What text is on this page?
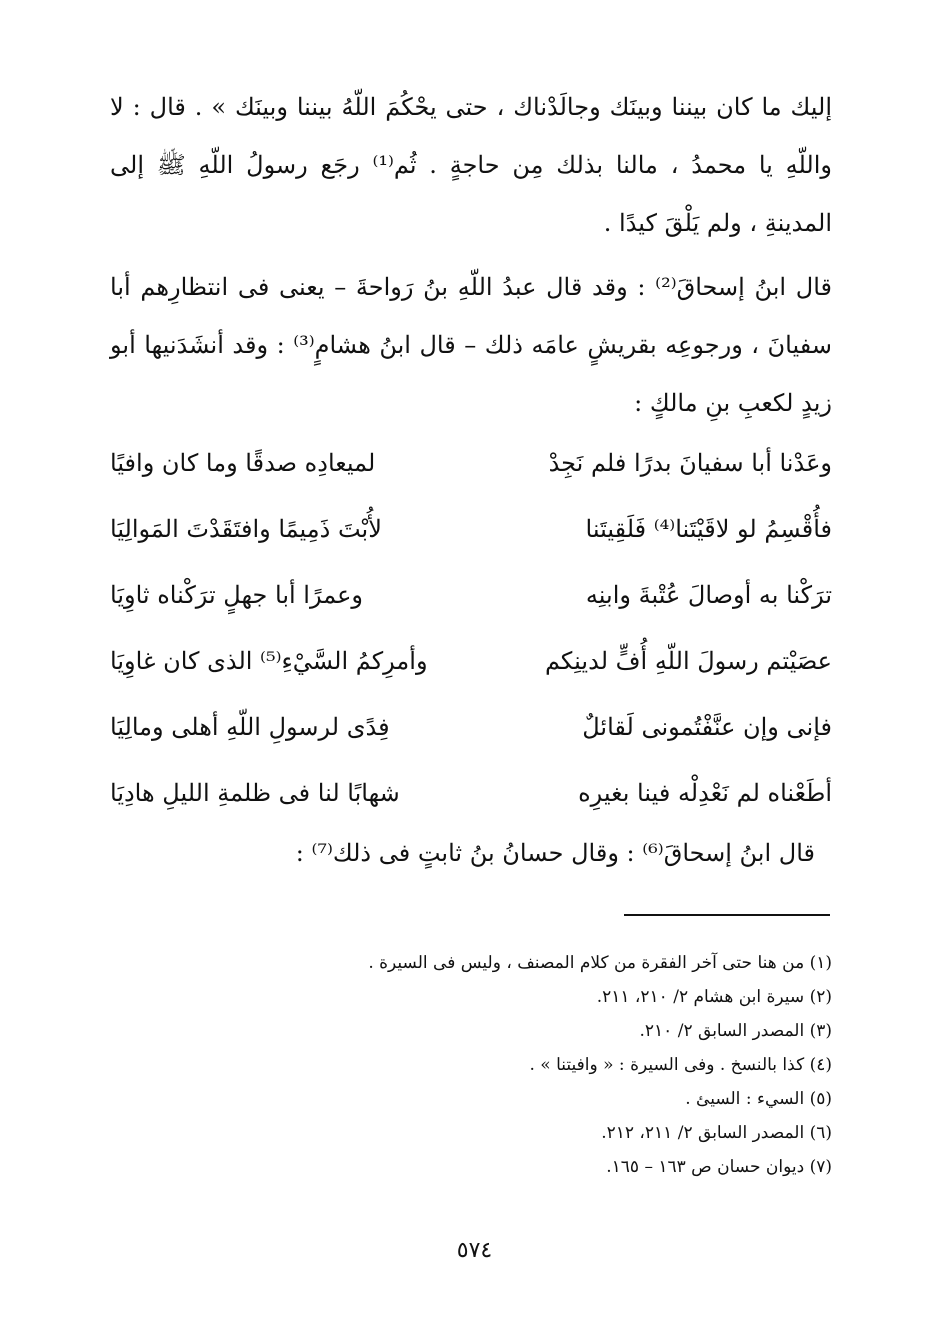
إليك ما كان بيننا وبينَك وجالَدْناك ، حتى يحْكُمَ اللّهُ بيننا وبينَك » . قال : لا واللّهِ يا محمدُ ، مالنا بذلك مِن حاجةٍ . ثُم⁽¹⁾ رجَع رسولُ اللّهِ ﷺ إلى المدينةِ ، ولم يَلْقَ كيدًا .

قال ابنُ إسحاقَ⁽²⁾ : وقد قال عبدُ اللّهِ بنُ رَواحةَ – يعنى فى انتظارِهم أبا سفيانَ ، ورجوعِه بقريشٍ عامَه ذلك – قال ابنُ هشامٍ⁽³⁾ : وقد أنشَدَنيها أبو زيدٍ لكعبِ بنِ مالكٍ :

وعَدْنا أبا سفيانَ بدرًا فلم نَجِدْ
لميعادِه صدقًا وما كان وافيًا
فأُقْسِمُ لو لاقَيْتَنا⁽⁴⁾ فَلَقِيتَنا
لأُبْتَ ذَمِيمًا وافتَقَدْتَ المَوالِيَا
ترَكْنا به أوصالَ عُتْبةَ وابنِه
وعمرًا أبا جهلٍ ترَكْناه ثاوِيَا
عصَيْتم رسولَ اللّهِ أُفٍّ لدينِكم
وأمرِكمُ السَّيْءِ⁽⁵⁾ الذى كان غاوِيَا
فإنى وإن عنَّفْتُمونى لَقائلٌ
فِدًى لرسولِ اللّهِ أهلى ومالِيَا
أطَعْناه لم نَعْدِلْه فينا بغيرِه
شهابًا لنا فى ظلمةِ الليلِ هادِيَا

قال ابنُ إسحاقَ⁽⁶⁾ : وقال حسانُ بنُ ثابتٍ فى ذلك⁽⁷⁾ :

(١) من هنا حتى آخر الفقرة من كلام المصنف ، وليس فى السيرة .
(٢) سيرة ابن هشام ٢/ ٢١٠، ٢١١.
(٣) المصدر السابق ٢/ ٢١٠.
(٤) كذا بالنسخ . وفى السيرة : « وافيتنا » .
(٥) السيء : السيئ .
(٦) المصدر السابق ٢/ ٢١١، ٢١٢.
(٧) ديوان حسان ص ١٦٣ – ١٦٥.
٥٧٤
